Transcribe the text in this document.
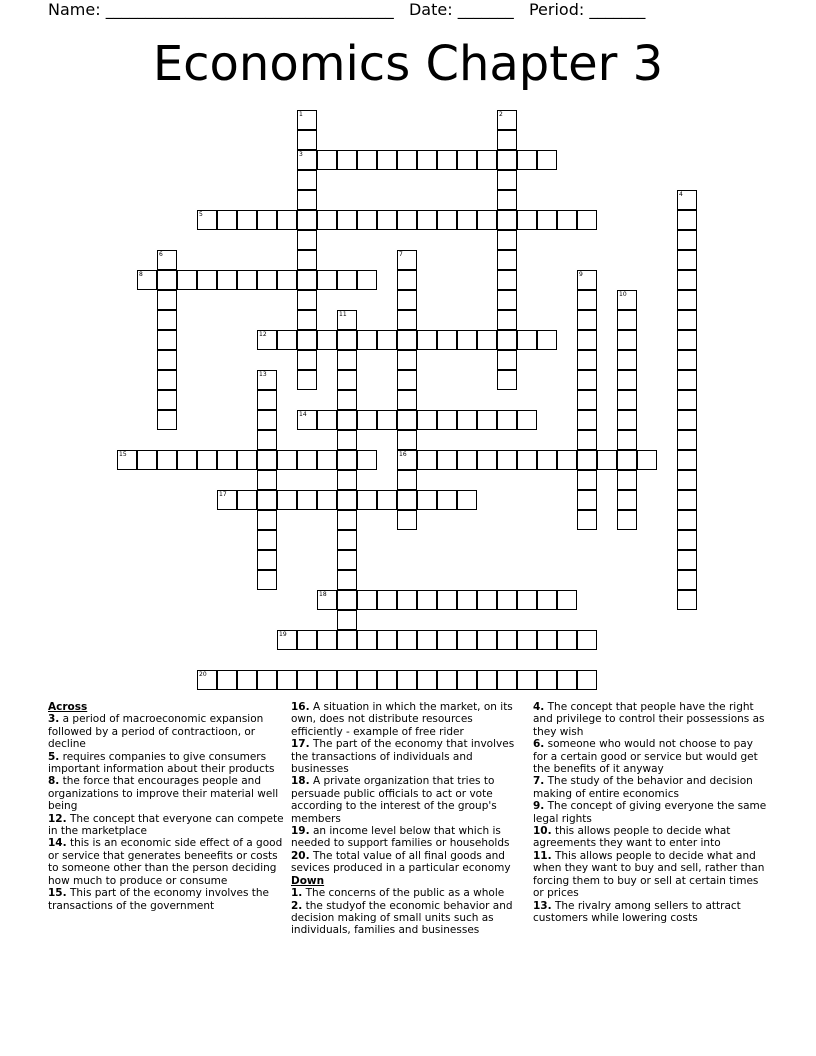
Name: ____________________________________ Date: _______ Period: _______
Economics Chapter 3
1
3
2
4
5
6	7
16
8	9
10
11
12
13
14
15
17
18
19
20
Across
3. a period of macroeconomic expansion followed by a period of contractioon, or decline
5. requires companies to give consumers important information about their products
8. the force that encourages people and organizations to improve their material well being
12. The concept that everyone can compete in the marketplace
14. this is an economic side effect of a good or service that generates beneefits or costs to someone other than the person deciding how much to produce or consume
15. This part of the economy involves the transactions of the government
16. A situation in which the market, on its own, does not distribute resources efficiently - example of free rider
17. The part of the economy that involves the transactions of individuals and businesses
18. A private organization that tries to persuade public officials to act or vote according to the interest of the group's members
19. an income level below that which is needed to support families or households
20. The total value of all final goods and sevices produced in a particular economy
Down
1. The concerns of the public as a whole
2. the studyof the economic behavior and decision making of small units such as individuals, families and businesses
4. The concept that people have the right and privilege to control their possessions as they wish
6. someone who would not choose to pay for a certain good or service but would get the benefits of it anyway
7. The study of the behavior and decision making of entire economics
9. The concept of giving everyone the same legal rights
10. this allows people to decide what agreements they want to enter into
11. This allows people to decide what and when they want to buy and sell, rather than forcing them to buy or sell at certain times or prices
13. The rivalry among sellers to attract customers while lowering costs
